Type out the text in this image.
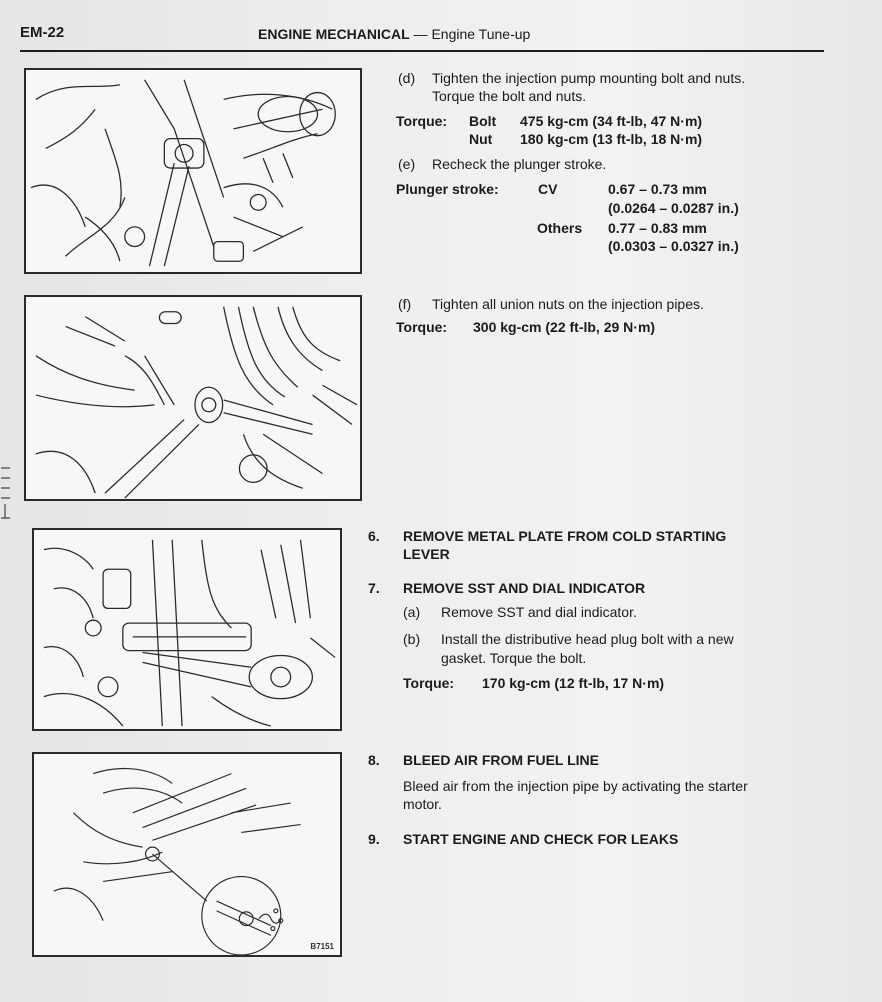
EM-22	ENGINE MECHANICAL — Engine Tune-up
B7151
(d) Tighten the injection pump mounting bolt and nuts.
Torque the bolt and nuts.
Torque: Bolt 475 kg-cm (34 ft-lb, 47 N·m)
Nut 180 kg-cm (13 ft-lb, 18 N·m)
(e) Recheck the plunger stroke.
Plunger stroke:	CV	0.67 – 0.73 mm
(0.0264 – 0.0287 in.)
Others 0.77 – 0.83 mm
(0.0303 – 0.0327 in.)
(f) Tighten all union nuts on the injection pipes.
Torque: 300 kg-cm (22 ft-lb, 29 N·m)
6. REMOVE METAL PLATE FROM COLD STARTING
LEVER
7. REMOVE SST AND DIAL INDICATOR
(a) Remove SST and dial indicator.
(b) Install the distributive head plug bolt with a new
gasket. Torque the bolt.
Torque: 170 kg-cm (12 ft-lb, 17 N·m)
8. BLEED AIR FROM FUEL LINE
Bleed air from the injection pipe by activating the starter
motor.
9. START ENGINE AND CHECK FOR LEAKS
